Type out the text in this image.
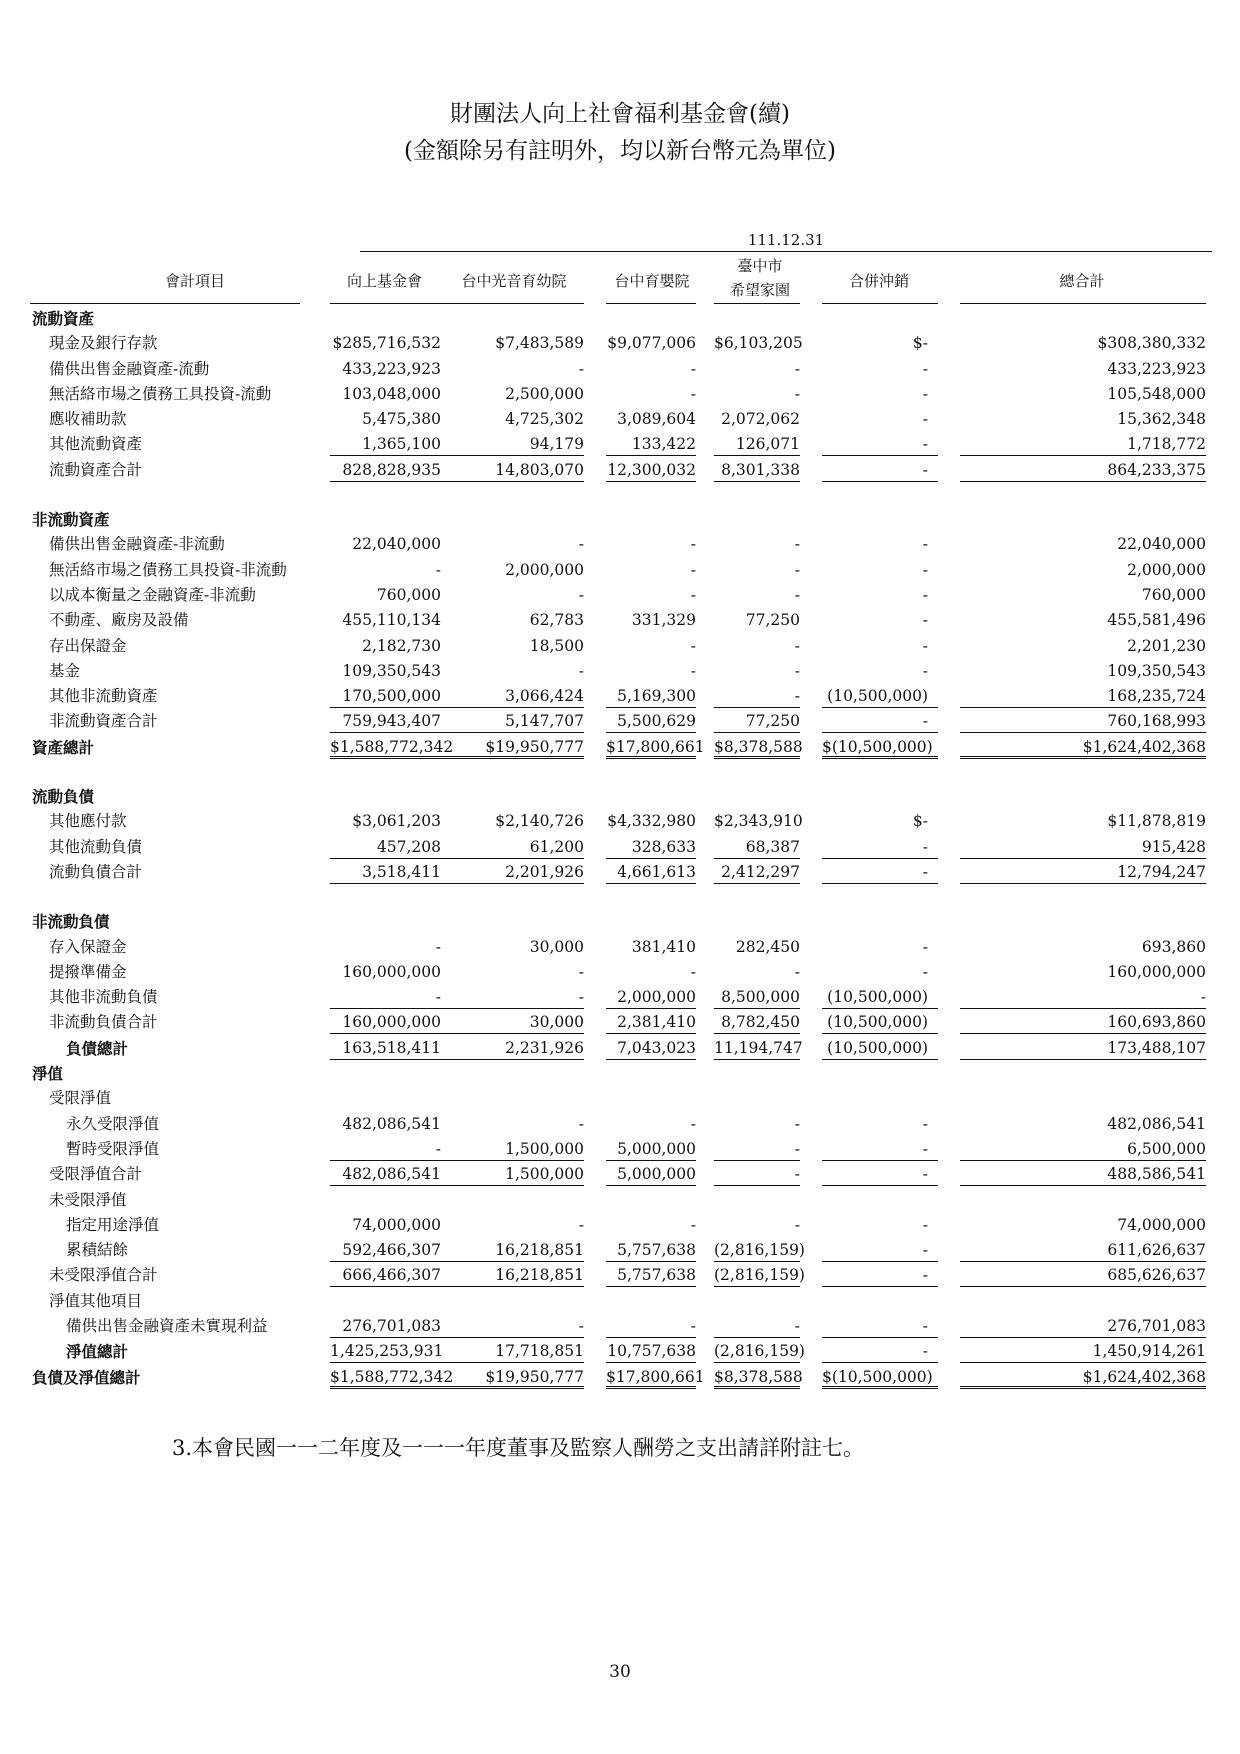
財團法人向上社會福利基金會(續)
(金額除另有註明外，均以新台幣元為單位)
111.12.31
會計項目	向上基金會	台中光音育幼院	台中育嬰院
臺中市
希望家園	合併沖銷	總合計
流動資產
現金及銀行存款	$285,716,532	$7,483,589 $9,077,006 $6,103,205	$-	$308,380,332
備供出售金融資產-流動	433,223,923	-	-	-	-	433,223,923
無活絡市場之債務工具投資-流動	103,048,000	2,500,000	-	-	-	105,548,000
應收補助款	5,475,380	4,725,302	3,089,604	2,072,062	-	15,362,348
其他流動資產	1,365,100	94,179	133,422	126,071	-	1,718,772
流動資產合計	828,828,935	14,803,070 12,300,032	8,301,338	-	864,233,375
非流動資產
備供出售金融資產-非流動	22,040,000	-	-	-	-	22,040,000
無活絡市場之債務工具投資-非流動	-	2,000,000	-	-	-	2,000,000
以成本衡量之金融資產-非流動	760,000	-	-	-	-	760,000
不動產、廠房及設備	455,110,134	62,783	331,329	77,250	-	455,581,496
存出保證金	2,182,730	18,500	-	-	-	2,201,230
基金	109,350,543	-	-	-	-	109,350,543
其他非流動資產	170,500,000	3,066,424	5,169,300	-	(10,500,000)	168,235,724
非流動資產合計	759,943,407	5,147,707	5,500,629	77,250	-	760,168,993
資產總計	$1,588,772,342	$19,950,777 $17,800,661 $8,378,588 $(10,500,000)	$1,624,402,368
流動負債
其他應付款	$3,061,203	$2,140,726 $4,332,980 $2,343,910	$-	$11,878,819
其他流動負債	457,208	61,200	328,633	68,387	-	915,428
流動負債合計	3,518,411	2,201,926	4,661,613	2,412,297	-	12,794,247
非流動負債
存入保證金	-	30,000	381,410	282,450	-	693,860
提撥準備金	160,000,000	-	-	-	-	160,000,000
其他非流動負債	-	-	2,000,000	8,500,000	(10,500,000)	-
非流動負債合計	160,000,000	30,000	2,381,410	8,782,450	(10,500,000)	160,693,860
負債總計	163,518,411	2,231,926	7,043,023 11,194,747	(10,500,000)	173,488,107
淨值
受限淨值
永久受限淨值	482,086,541	-	-	-	-	482,086,541
暫時受限淨值	-	1,500,000	5,000,000	-	-	6,500,000
受限淨值合計	482,086,541	1,500,000	5,000,000	-	-	488,586,541
未受限淨值
指定用途淨值	74,000,000	-	-	-	-	74,000,000
累積結餘	592,466,307	16,218,851	5,757,638 (2,816,159)	-	611,626,637
未受限淨值合計	666,466,307	16,218,851	5,757,638 (2,816,159)	-	685,626,637
淨值其他項目
備供出售金融資產未實現利益	276,701,083	-	-	-	-	276,701,083
淨值總計	1,425,253,931	17,718,851 10,757,638 (2,816,159)	-	1,450,914,261
負債及淨值總計	$1,588,772,342	$19,950,777 $17,800,661 $8,378,588 $(10,500,000)	$1,624,402,368
3.本會民國一一二年度及一一一年度董事及監察人酬勞之支出請詳附註七。
30
